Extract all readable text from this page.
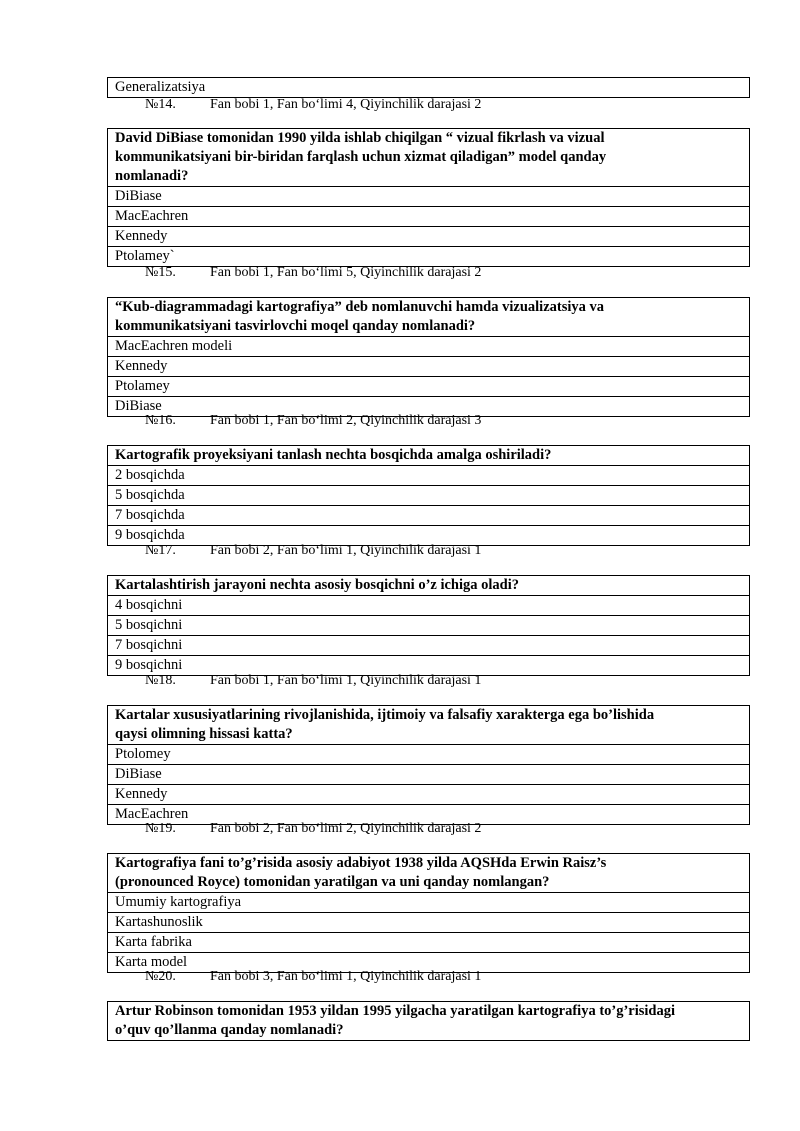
Generalizatsiya
№14. Fan bobi 1, Fan bo‘limi 4, Qiyinchilik darajasi 2
David DiBiase tomonidan 1990 yilda ishlab chiqilgan “ vizual fikrlash va vizual
kommunikatsiyani bir-biridan farqlash uchun xizmat qiladigan” model qanday
nomlanadi?
DiBiase
MacEachren
Kennedy
Ptolamey`
№15. Fan bobi 1, Fan bo‘limi 5, Qiyinchilik darajasi 2
“Kub-diagrammadagi kartografiya” deb nomlanuvchi hamda vizualizatsiya va
kommunikatsiyani tasvirlovchi moqel qanday nomlanadi?
MacEachren modeli
Kennedy
Ptolamey
DiBiase
№16. Fan bobi 1, Fan bo‘limi 2, Qiyinchilik darajasi 3
Kartografik proyeksiyani tanlash nechta bosqichda amalga oshiriladi?
2 bosqichda
5 bosqichda
7 bosqichda
9 bosqichda
№17. Fan bobi 2, Fan bo‘limi 1, Qiyinchilik darajasi 1
Kartalashtirish jarayoni nechta asosiy bosqichni o’z ichiga oladi?
4 bosqichni
5 bosqichni
7 bosqichni
9 bosqichni
№18. Fan bobi 1, Fan bo‘limi 1, Qiyinchilik darajasi 1
Kartalar xususiyatlarining rivojlanishida, ijtimoiy va falsafiy xarakterga ega bo’lishida
qaysi olimning hissasi katta?
Ptolomey
DiBiase
Kennedy
MacEachren
№19. Fan bobi 2, Fan bo‘limi 2, Qiyinchilik darajasi 2
Kartografiya fani to’g’risida asosiy adabiyot 1938 yilda AQSHda Erwin Raisz’s
(pronounced Royce) tomonidan yaratilgan va uni qanday nomlangan?
Umumiy kartografiya
Kartashunoslik
Karta fabrika
Karta model
№20. Fan bobi 3, Fan bo‘limi 1, Qiyinchilik darajasi 1
Artur Robinson tomonidan 1953 yildan 1995 yilgacha yaratilgan kartografiya to’g’risidagi
o’quv qo’llanma qanday nomlanadi?
